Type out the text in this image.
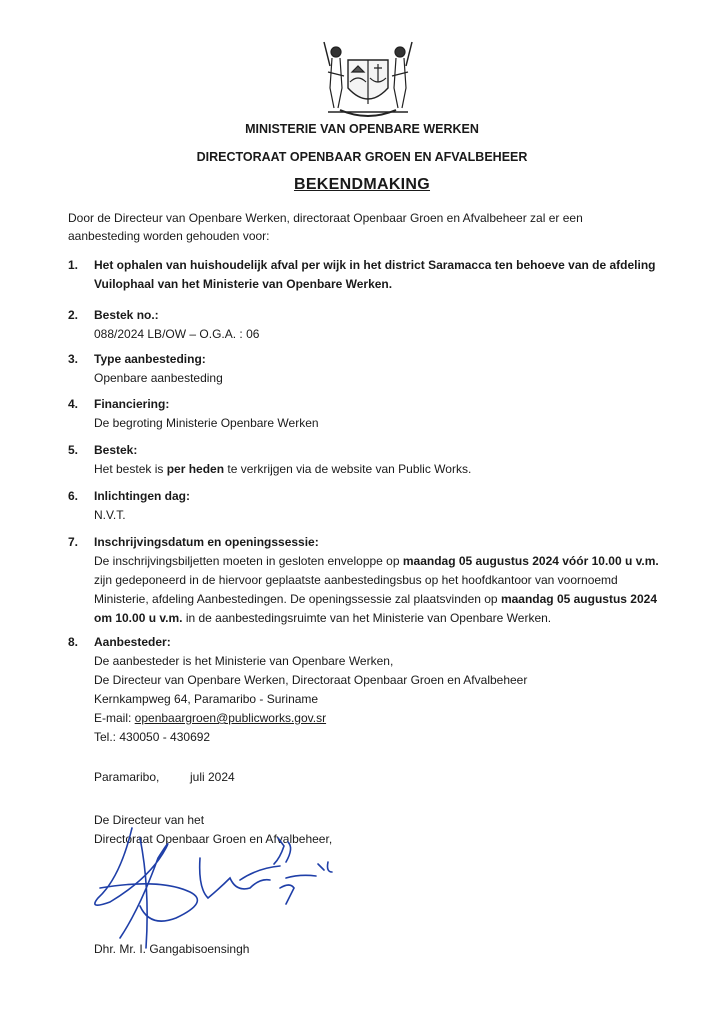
MINISTERIE VAN OPENBARE WERKEN
DIRECTORAAT OPENBAAR GROEN EN AFVALBEHEER
BEKENDMAKING
Door de Directeur van Openbare Werken, directoraat Openbaar Groen en Afvalbeheer zal er een aanbesteding worden gehouden voor:
1. Het ophalen van huishoudelijk afval per wijk in het district Saramacca ten behoeve van de afdeling Vuilophaal van het Ministerie van Openbare Werken.
2. Bestek no.:
088/2024 LB/OW – O.G.A. : 06
3. Type aanbesteding:
Openbare aanbesteding
4. Financiering:
De begroting Ministerie Openbare Werken
5. Bestek:
Het bestek is per heden te verkrijgen via de website van Public Works.
6. Inlichtingen dag:
N.V.T.
7. Inschrijvingsdatum en openingssessie:
De inschrijvingsbiljetten moeten in gesloten enveloppe op maandag 05 augustus 2024 vóór 10.00 u v.m. zijn gedeponeerd in de hiervoor geplaatste aanbestedingsbus op het hoofdkantoor van voornoemd Ministerie, afdeling Aanbestedingen. De openingssessie zal plaatsvinden op maandag 05 augustus 2024 om 10.00 u v.m. in de aanbestedingsruimte van het Ministerie van Openbare Werken.
8. Aanbesteder:
De aanbesteder is het Ministerie van Openbare Werken,
De Directeur van Openbare Werken, Directoraat Openbaar Groen en Afvalbeheer
Kernkampweg 64, Paramaribo - Suriname
E-mail: openbaargroen@publicworks.gov.sr
Tel.: 430050 - 430692
Paramaribo,	juli 2024
De Directeur van het
Directoraat Openbaar Groen en Afvalbeheer,
Dhr. Mr. I. Gangabisoensingh
